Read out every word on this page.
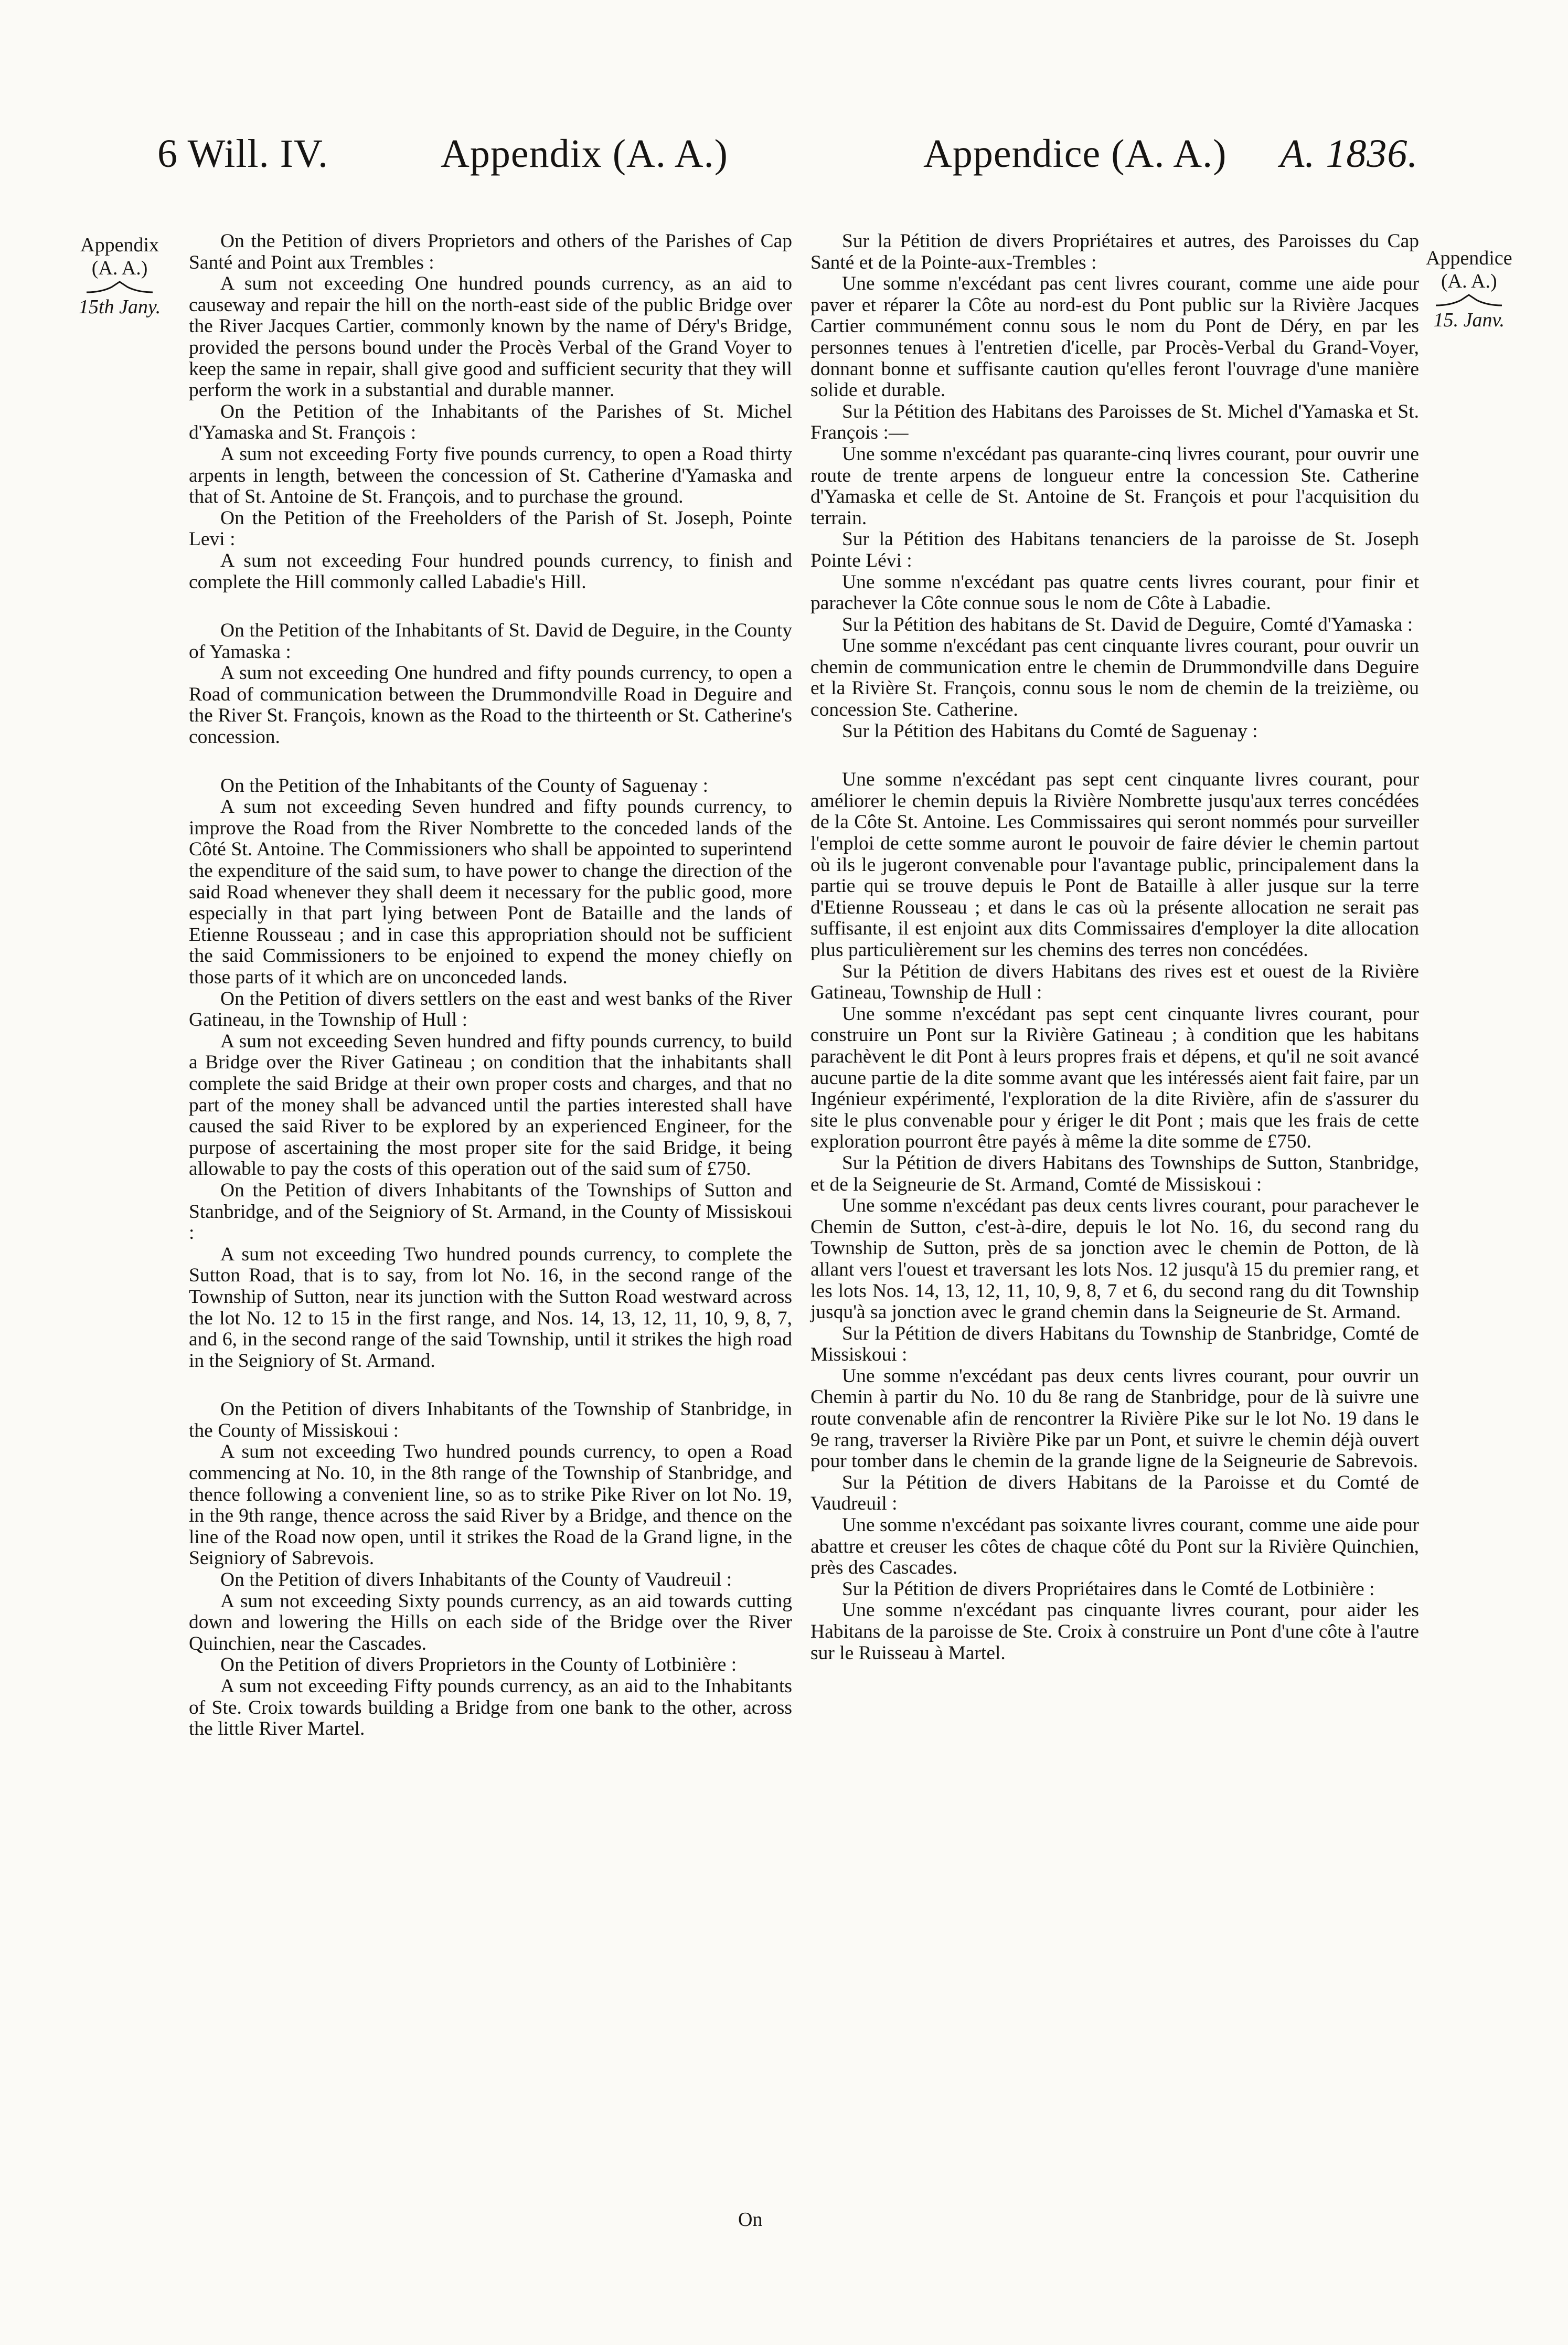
6 Will. IV.	Appendix (A. A.)	Appendice (A. A.) A. 1836.
Appendix
(A. A.)
15th Jany.
Appendice
(A. A.)
15. Janv.

On the Petition of divers Proprietors and others of the Parishes of Cap Santé and Point aux Trembles :

A sum not exceeding One hundred pounds currency, as an aid to causeway and repair the hill on the north-east side of the public Bridge over the River Jacques Cartier, commonly known by the name of Déry's Bridge, provided the persons bound under the Procès Verbal of the Grand Voyer to keep the same in repair, shall give good and sufficient security that they will perform the work in a substantial and durable manner.

On the Petition of the Inhabitants of the Parishes of St. Michel d'Yamaska and St. François :

A sum not exceeding Forty five pounds currency, to open a Road thirty arpents in length, between the concession of St. Catherine d'Yamaska and that of St. Antoine de St. François, and to purchase the ground.

On the Petition of the Freeholders of the Parish of St. Joseph, Pointe Levi :

A sum not exceeding Four hundred pounds currency, to finish and complete the Hill commonly called Labadie's Hill.

On the Petition of the Inhabitants of St. David de Deguire, in the County of Yamaska :

A sum not exceeding One hundred and fifty pounds currency, to open a Road of communication between the Drummondville Road in Deguire and the River St. François, known as the Road to the thirteenth or St. Catherine's concession.

On the Petition of the Inhabitants of the County of Saguenay :

A sum not exceeding Seven hundred and fifty pounds currency, to improve the Road from the River Nombrette to the conceded lands of the Côté St. Antoine. The Commissioners who shall be appointed to superintend the expenditure of the said sum, to have power to change the direction of the said Road whenever they shall deem it necessary for the public good, more especially in that part lying between Pont de Bataille and the lands of Etienne Rousseau ; and in case this appropriation should not be sufficient the said Commissioners to be enjoined to expend the money chiefly on those parts of it which are on unconceded lands.

On the Petition of divers settlers on the east and west banks of the River Gatineau, in the Township of Hull :

A sum not exceeding Seven hundred and fifty pounds currency, to build a Bridge over the River Gatineau ; on condition that the inhabitants shall complete the said Bridge at their own proper costs and charges, and that no part of the money shall be advanced until the parties interested shall have caused the said River to be explored by an experienced Engineer, for the purpose of ascertaining the most proper site for the said Bridge, it being allowable to pay the costs of this operation out of the said sum of £750.

On the Petition of divers Inhabitants of the Townships of Sutton and Stanbridge, and of the Seigniory of St. Armand, in the County of Missiskoui :

A sum not exceeding Two hundred pounds currency, to complete the Sutton Road, that is to say, from lot No. 16, in the second range of the Township of Sutton, near its junction with the Sutton Road westward across the lot No. 12 to 15 in the first range, and Nos. 14, 13, 12, 11, 10, 9, 8, 7, and 6, in the second range of the said Township, until it strikes the high road in the Seigniory of St. Armand.

On the Petition of divers Inhabitants of the Township of Stanbridge, in the County of Missiskoui :

A sum not exceeding Two hundred pounds currency, to open a Road commencing at No. 10, in the 8th range of the Township of Stanbridge, and thence following a convenient line, so as to strike Pike River on lot No. 19, in the 9th range, thence across the said River by a Bridge, and thence on the line of the Road now open, until it strikes the Road de la Grand ligne, in the Seigniory of Sabrevois.

On the Petition of divers Inhabitants of the County of Vaudreuil :

A sum not exceeding Sixty pounds currency, as an aid towards cutting down and lowering the Hills on each side of the Bridge over the River Quinchien, near the Cascades.

On the Petition of divers Proprietors in the County of Lotbinière :

A sum not exceeding Fifty pounds currency, as an aid to the Inhabitants of Ste. Croix towards building a Bridge from one bank to the other, across the little River Martel.

Sur la Pétition de divers Propriétaires et autres, des Paroisses du Cap Santé et de la Pointe-aux-Trembles :

Une somme n'excédant pas cent livres courant, comme une aide pour paver et réparer la Côte au nord-est du Pont public sur la Rivière Jacques Cartier communément connu sous le nom du Pont de Déry, en par les personnes tenues à l'entretien d'icelle, par Procès-Verbal du Grand-Voyer, donnant bonne et suffisante caution qu'elles feront l'ouvrage d'une manière solide et durable.

Sur la Pétition des Habitans des Paroisses de St. Michel d'Yamaska et St. François :—

Une somme n'excédant pas quarante-cinq livres courant, pour ouvrir une route de trente arpens de longueur entre la concession Ste. Catherine d'Yamaska et celle de St. Antoine de St. François et pour l'acquisition du terrain.

Sur la Pétition des Habitans tenanciers de la paroisse de St. Joseph Pointe Lévi :

Une somme n'excédant pas quatre cents livres courant, pour finir et parachever la Côte connue sous le nom de Côte à Labadie.

Sur la Pétition des habitans de St. David de Deguire, Comté d'Yamaska :

Une somme n'excédant pas cent cinquante livres courant, pour ouvrir un chemin de communication entre le chemin de Drummondville dans Deguire et la Rivière St. François, connu sous le nom de chemin de la treizième, ou concession Ste. Catherine.

Sur la Pétition des Habitans du Comté de Saguenay :

Une somme n'excédant pas sept cent cinquante livres courant, pour améliorer le chemin depuis la Rivière Nombrette jusqu'aux terres concédées de la Côte St. Antoine. Les Commissaires qui seront nommés pour surveiller l'emploi de cette somme auront le pouvoir de faire dévier le chemin partout où ils le jugeront convenable pour l'avantage public, principalement dans la partie qui se trouve depuis le Pont de Bataille à aller jusque sur la terre d'Etienne Rousseau ; et dans le cas où la présente allocation ne serait pas suffisante, il est enjoint aux dits Commissaires d'employer la dite allocation plus particulièrement sur les chemins des terres non concédées.

Sur la Pétition de divers Habitans des rives est et ouest de la Rivière Gatineau, Township de Hull :

Une somme n'excédant pas sept cent cinquante livres courant, pour construire un Pont sur la Rivière Gatineau ; à condition que les habitans parachèvent le dit Pont à leurs propres frais et dépens, et qu'il ne soit avancé aucune partie de la dite somme avant que les intéressés aient fait faire, par un Ingénieur expérimenté, l'exploration de la dite Rivière, afin de s'assurer du site le plus convenable pour y ériger le dit Pont ; mais que les frais de cette exploration pourront être payés à même la dite somme de £750.

Sur la Pétition de divers Habitans des Townships de Sutton, Stanbridge, et de la Seigneurie de St. Armand, Comté de Missiskoui :

Une somme n'excédant pas deux cents livres courant, pour parachever le Chemin de Sutton, c'est-à-dire, depuis le lot No. 16, du second rang du Township de Sutton, près de sa jonction avec le chemin de Potton, de là allant vers l'ouest et traversant les lots Nos. 12 jusqu'à 15 du premier rang, et les lots Nos. 14, 13, 12, 11, 10, 9, 8, 7 et 6, du second rang du dit Township jusqu'à sa jonction avec le grand chemin dans la Seigneurie de St. Armand.

Sur la Pétition de divers Habitans du Township de Stanbridge, Comté de Missiskoui :

Une somme n'excédant pas deux cents livres courant, pour ouvrir un Chemin à partir du No. 10 du 8e rang de Stanbridge, pour de là suivre une route convenable afin de rencontrer la Rivière Pike sur le lot No. 19 dans le 9e rang, traverser la Rivière Pike par un Pont, et suivre le chemin déjà ouvert pour tomber dans le chemin de la grande ligne de la Seigneurie de Sabrevois.

Sur la Pétition de divers Habitans de la Paroisse et du Comté de Vaudreuil :

Une somme n'excédant pas soixante livres courant, comme une aide pour abattre et creuser les côtes de chaque côté du Pont sur la Rivière Quinchien, près des Cascades.

Sur la Pétition de divers Propriétaires dans le Comté de Lotbinière :

Une somme n'excédant pas cinquante livres courant, pour aider les Habitans de la paroisse de Ste. Croix à construire un Pont d'une côte à l'autre sur le Ruisseau à Martel.

On
